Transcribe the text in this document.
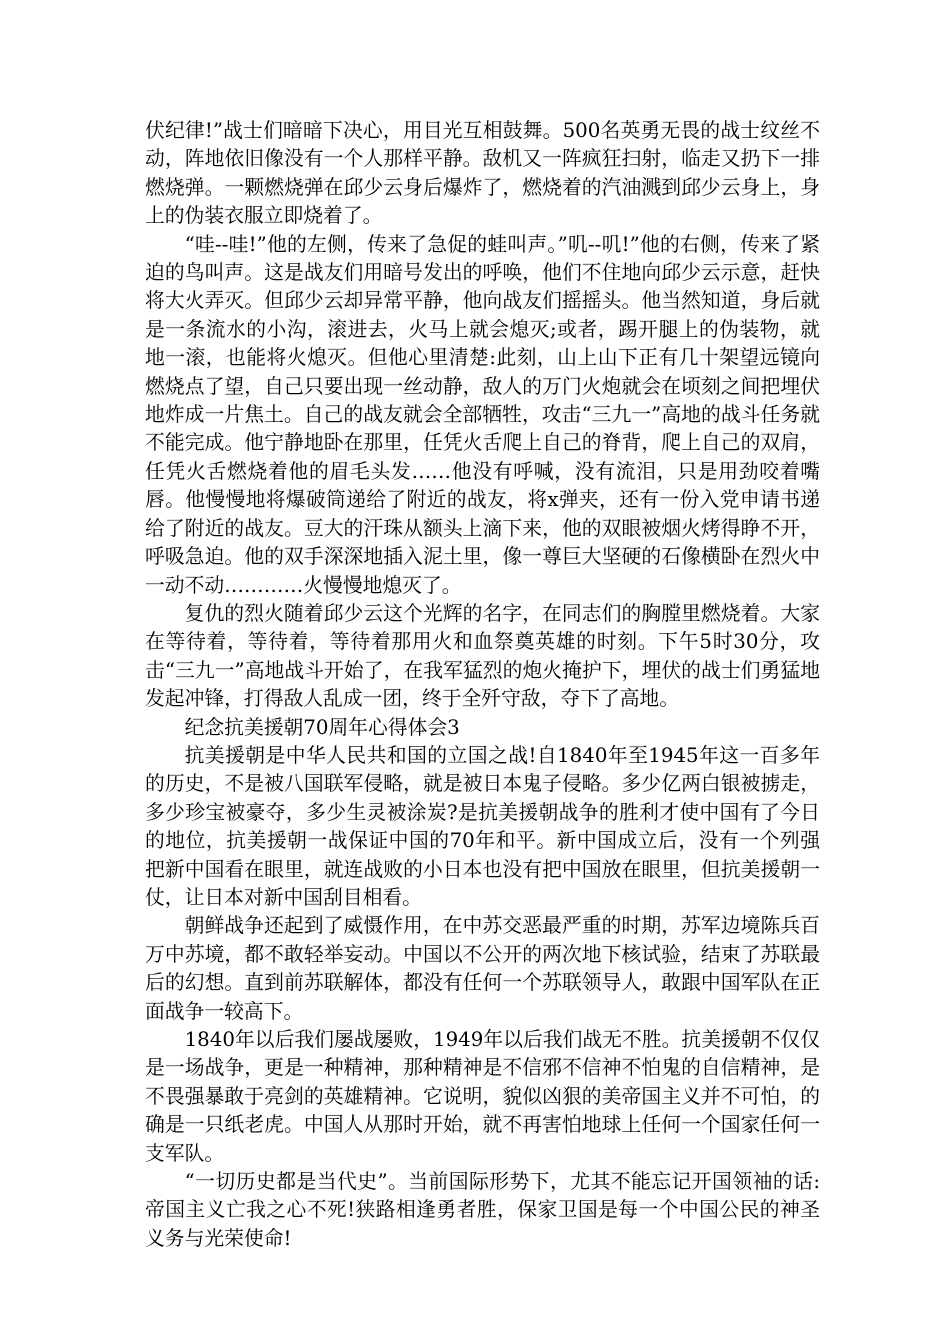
伏纪律!”战士们暗暗下决心，用目光互相鼓舞。500名英勇无畏的战士纹丝不动，阵地依旧像没有一个人那样平静。敌机又一阵疯狂扫射，临走又扔下一排燃烧弹。一颗燃烧弹在邱少云身后爆炸了，燃烧着的汽油溅到邱少云身上，身上的伪装衣服立即烧着了。

“哇--哇!”他的左侧，传来了急促的蛙叫声。”叽--叽!”他的右侧，传来了紧迫的鸟叫声。这是战友们用暗号发出的呼唤，他们不住地向邱少云示意，赶快将大火弄灭。但邱少云却异常平静，他向战友们摇摇头。他当然知道，身后就是一条流水的小沟，滚进去，火马上就会熄灭;或者，踢开腿上的伪装物，就地一滚，也能将火熄灭。但他心里清楚:此刻，山上山下正有几十架望远镜向燃烧点了望，自己只要出现一丝动静，敌人的万门火炮就会在顷刻之间把埋伏地炸成一片焦土。自己的战友就会全部牺牲，攻击“三九一”高地的战斗任务就不能完成。他宁静地卧在那里，任凭火舌爬上自己的脊背，爬上自己的双肩，任凭火舌燃烧着他的眉毛头发……他没有呼喊，没有流泪，只是用劲咬着嘴唇。他慢慢地将爆破筒递给了附近的战友，将x弹夹，还有一份入党申请书递给了附近的战友。豆大的汗珠从额头上滴下来，他的双眼被烟火烤得睁不开，呼吸急迫。他的双手深深地插入泥土里，像一尊巨大坚硬的石像横卧在烈火中一动不动…………火慢慢地熄灭了。

复仇的烈火随着邱少云这个光辉的名字，在同志们的胸膛里燃烧着。大家在等待着，等待着，等待着那用火和血祭奠英雄的时刻。下午5时30分，攻击“三九一”高地战斗开始了，在我军猛烈的炮火掩护下，埋伏的战士们勇猛地发起冲锋，打得敌人乱成一团，终于全歼守敌，夺下了高地。

纪念抗美援朝70周年心得体会3

抗美援朝是中华人民共和国的立国之战!自1840年至1945年这一百多年的历史，不是被八国联军侵略，就是被日本鬼子侵略。多少亿两白银被掳走，多少珍宝被豪夺，多少生灵被涂炭?是抗美援朝战争的胜利才使中国有了今日的地位，抗美援朝一战保证中国的70年和平。新中国成立后，没有一个列强把新中国看在眼里，就连战败的小日本也没有把中国放在眼里，但抗美援朝一仗，让日本对新中国刮目相看。

朝鲜战争还起到了威慑作用，在中苏交恶最严重的时期，苏军边境陈兵百万中苏境，都不敢轻举妄动。中国以不公开的两次地下核试验，结束了苏联最后的幻想。直到前苏联解体，都没有任何一个苏联领导人，敢跟中国军队在正面战争一较高下。

1840年以后我们屡战屡败，1949年以后我们战无不胜。抗美援朝不仅仅是一场战争，更是一种精神，那种精神是不信邪不信神不怕鬼的自信精神，是不畏强暴敢于亮剑的英雄精神。它说明，貌似凶狠的美帝国主义并不可怕，的确是一只纸老虎。中国人从那时开始，就不再害怕地球上任何一个国家任何一支军队。

“一切历史都是当代史”。当前国际形势下，尤其不能忘记开国领袖的话:帝国主义亡我之心不死!狭路相逢勇者胜，保家卫国是每一个中国公民的神圣义务与光荣使命!
